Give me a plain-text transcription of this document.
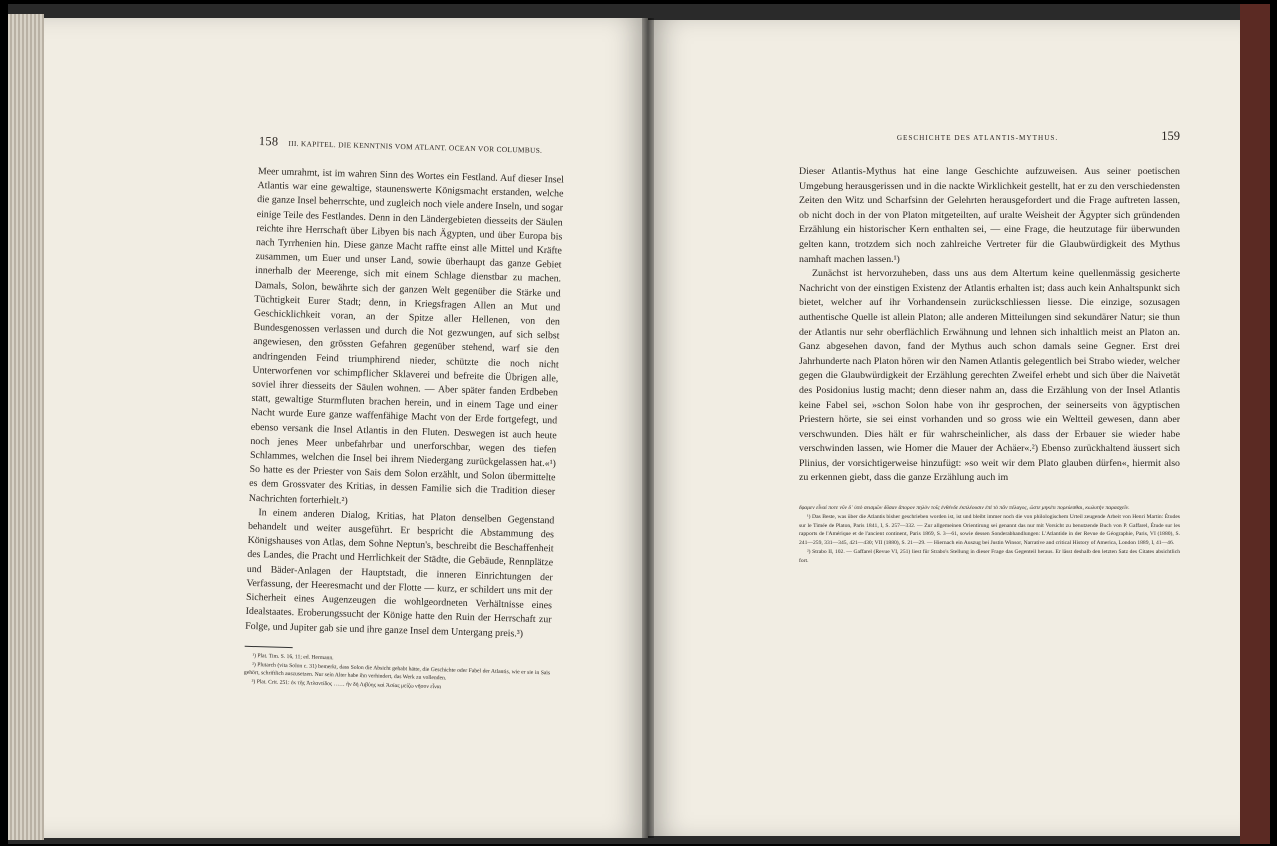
158 III. KAPITEL. DIE KENNTNIS VOM ATLANT. OCEAN VOR COLUMBUS.

Meer umrahmt, ist im wahren Sinn des Wortes ein Festland. Auf dieser Insel Atlantis war eine gewaltige, staunenswerte Königsmacht erstanden, welche die ganze Insel beherrschte, und zugleich noch viele andere Inseln, und sogar einige Teile des Festlandes. Denn in den Ländergebieten diesseits der Säulen reichte ihre Herrschaft über Libyen bis nach Ägypten, und über Europa bis nach Tyrrhenien hin. Diese ganze Macht raffte einst alle Mittel und Kräfte zusammen, um Euer und unser Land, sowie überhaupt das ganze Gebiet innerhalb der Meerenge, sich mit einem Schlage dienstbar zu machen. Damals, Solon, bewährte sich der ganzen Welt gegenüber die Stärke und Tüchtigkeit Eurer Stadt; denn, in Kriegsfragen Allen an Mut und Geschicklichkeit voran, an der Spitze aller Hellenen, von den Bundesgenossen verlassen und durch die Not gezwungen, auf sich selbst angewiesen, den grössten Gefahren gegenüber stehend, warf sie den andringenden Feind triumphirend nieder, schützte die noch nicht Unterworfenen vor schimpflicher Sklaverei und befreite die Übrigen alle, soviel ihrer diesseits der Säulen wohnen. — Aber später fanden Erdbeben statt, gewaltige Sturmfluten brachen herein, und in einem Tage und einer Nacht wurde Eure ganze waffenfähige Macht von der Erde fortgefegt, und ebenso versank die Insel Atlantis in den Fluten. Deswegen ist auch heute noch jenes Meer unbefahrbar und unerforschbar, wegen des tiefen Schlammes, welchen die Insel bei ihrem Niedergang zurückgelassen hat.«¹) So hatte es der Priester von Sais dem Solon erzählt, und Solon übermittelte es dem Grossvater des Kritias, in dessen Familie sich die Tradition dieser Nachrichten forterhielt.²)

In einem anderen Dialog, Kritias, hat Platon denselben Gegenstand behandelt und weiter ausgeführt. Er bespricht die Abstammung des Königshauses von Atlas, dem Sohne Neptun's, beschreibt die Beschaffenheit des Landes, die Pracht und Herrlichkeit der Städte, die Gebäude, Rennplätze und Bäder-Anlagen der Hauptstadt, die inneren Einrichtungen der Verfassung, der Heeresmacht und der Flotte — kurz, er schildert uns mit der Sicherheit eines Augenzeugen die wohlgeordneten Verhältnisse eines Idealstaates. Eroberungssucht der Könige hatte den Ruin der Herrschaft zur Folge, und Jupiter gab sie und ihre ganze Insel dem Untergang preis.³)

¹) Plat. Tim. S. 16, 11; ed. Hermann.

²) Plutarch (vita Solon c. 31) bemerkt, dass Solon die Absicht gehabt hätte, die Geschichte oder Fabel der Atlantis, wie er sie in Saïs gehört, schriftlich auszusetzen. Nur sein Alter habe ihn verhindert, das Werk zu vollenden.

³) Plat. Crit. 251: ἐκ τῆς Ἀτλαντίδος …… ἣν δὴ Λιβύης καὶ Ἀσίας μείζω νῆσον εἶναι

GESCHICHTE DES ATLANTIS-MYTHUS.	159

Dieser Atlantis-Mythus hat eine lange Geschichte aufzuweisen. Aus seiner poetischen Umgebung herausgerissen und in die nackte Wirklichkeit gestellt, hat er zu den verschiedensten Zeiten den Witz und Scharfsinn der Gelehrten herausgefordert und die Frage auftreten lassen, ob nicht doch in der von Platon mitgeteilten, auf uralte Weisheit der Ägypter sich gründenden Erzählung ein historischer Kern enthalten sei, — eine Frage, die heutzutage für überwunden gelten kann, trotzdem sich noch zahlreiche Vertreter für die Glaubwürdigkeit des Mythus namhaft machen lassen.¹)

Zunächst ist hervorzuheben, dass uns aus dem Altertum keine quellenmässig gesicherte Nachricht von der einstigen Existenz der Atlantis erhalten ist; dass auch kein Anhaltspunkt sich bietet, welcher auf ihr Vorhandensein zurückschliessen liesse. Die einzige, sozusagen authentische Quelle ist allein Platon; alle anderen Mitteilungen sind sekundärer Natur; sie thun der Atlantis nur sehr oberflächlich Erwähnung und lehnen sich inhaltlich meist an Platon an. Ganz abgesehen davon, fand der Mythus auch schon damals seine Gegner. Erst drei Jahrhunderte nach Platon hören wir den Namen Atlantis gelegentlich bei Strabo wieder, welcher gegen die Glaubwürdigkeit der Erzählung gerechten Zweifel erhebt und sich über die Naivetät des Posidonius lustig macht; denn dieser nahm an, dass die Erzählung von der Insel Atlantis keine Fabel sei, »schon Solon habe von ihr gesprochen, der seinerseits von ägyptischen Priestern hörte, sie sei einst vorhanden und so gross wie ein Weltteil gewesen, dann aber verschwunden. Dies hält er für wahrscheinlicher, als dass der Erbauer sie wieder habe verschwinden lassen, wie Homer die Mauer der Achäer«.²) Ebenso zurückhaltend äussert sich Plinius, der vorsichtigerweise hinzufügt: »so weit wir dem Plato glauben dürfen«, hiermit also zu erkennen giebt, dass die ganze Erzählung auch im

ἔφαμεν εἶναί ποτε νῦν δ᾽ ὑπὸ σεισμῶν δῦσαν ἄπορον πηλὸν τοῖς ἐνθένδε ἐκπλέουσιν ἐπὶ τὸ πᾶν πέλαγος, ὥστε μηκέτι πορεύεσθαι, κωλυτὴν παρασχεῖν.

¹) Das Beste, was über die Atlantis bisher geschrieben worden ist, ist und bleibt immer noch die von philologischem Urteil zeugende Arbeit von Henri Martin: Études sur le Timée de Platon, Paris 1841, I, S. 257—332. — Zur allgemeinen Orientirung sei genannt das nur mit Vorsicht zu benutzende Buch von P. Gaffarel, Étude sur les rapports de l'Amérique et de l'ancient continent, Paris 1869, S. 3—61, sowie dessen Sonderabhandlungen: L'Atlantide in der Revue de Géographie, Paris, VI (1880), S. 241—259, 331—345, 421—430; VII (1880), S. 21—29. — Hiernach ein Auszug bei Justin Winsor, Narrative and critical History of America, London 1889, I, 41—46.

²) Strabo II, 102. — Gaffarel (Revue VI, 251) liest für Strabo's Stellung in dieser Frage das Gegenteil heraus. Er lässt deshalb den letzten Satz des Citates absichtlich fort.
